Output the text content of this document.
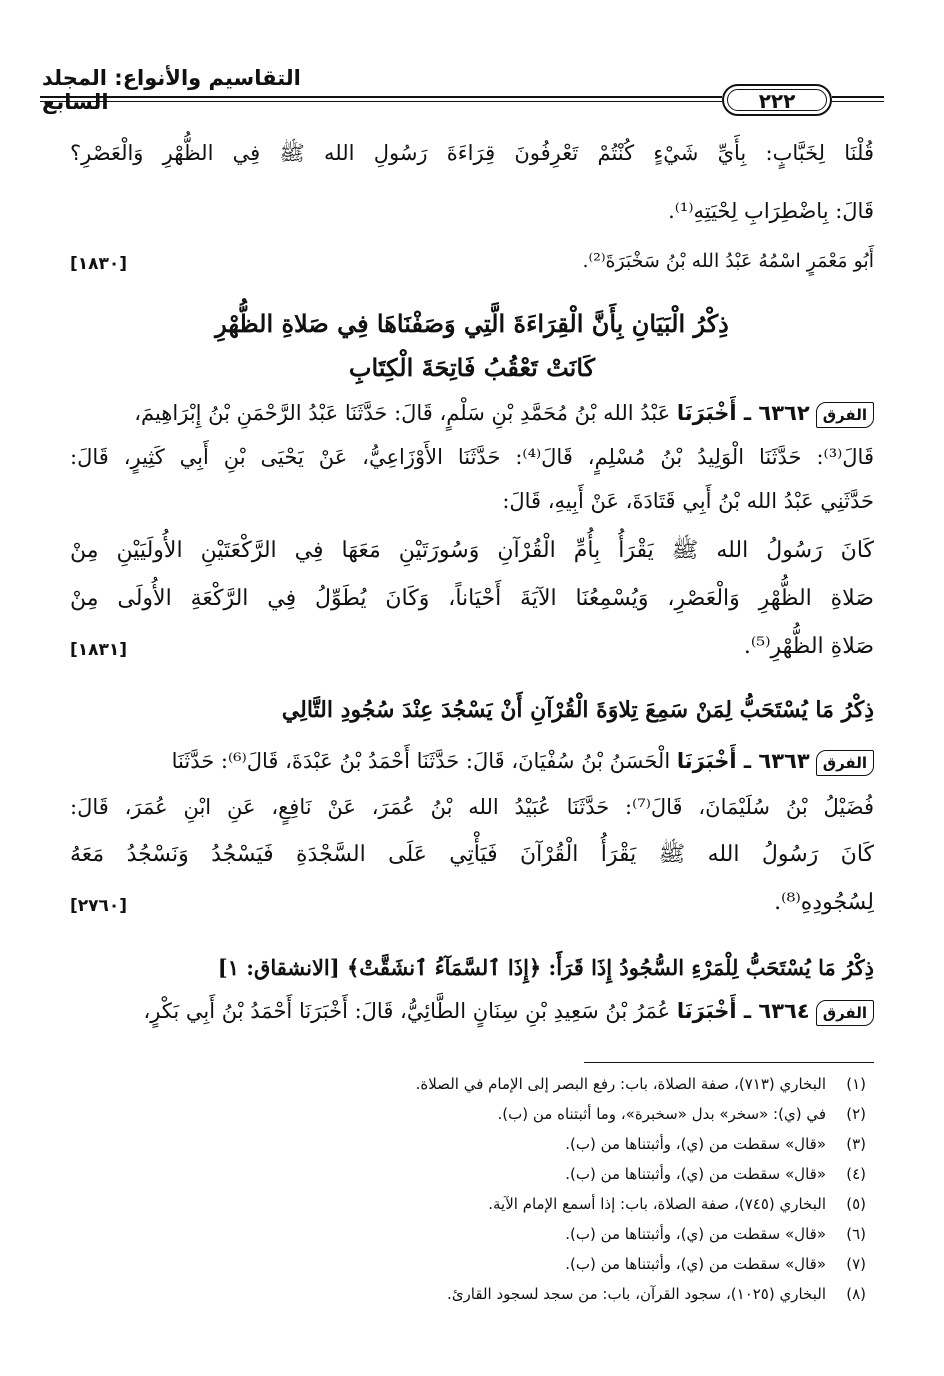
التقاسيم والأنواع: المجلد السابع	٢٢٢
قُلْنَا لِخَبَّابٍ: بِأَيِّ شَيْءٍ كُنْتُمْ تَعْرِفُونَ قِرَاءَةَ رَسُولِ الله ﷺ فِي الظُّهْرِ وَالْعَصْرِ؟
قَالَ: بِاضْطِرَابِ لِحْيَتِهِ⁽¹⁾.
أَبُو مَعْمَرٍ اسْمُهُ عَبْدُ الله بْنُ سَخْبَرَةَ⁽²⁾.
[١٨٣٠]
ذِكْرُ الْبَيَانِ بِأَنَّ الْقِرَاءَةَ الَّتِي وَصَفْنَاهَا فِي صَلاةِ الظُّهْرِ
كَانَتْ تَعْقُبُ فَاتِحَةَ الْكِتَابِ
الفرق٦٣٦٢ ـ أَخْبَرَنَا عَبْدُ الله بْنُ مُحَمَّدِ بْنِ سَلْمٍ، قَالَ: حَدَّثَنَا عَبْدُ الرَّحْمَنِ بْنُ إِبْرَاهِيمَ،
قَالَ⁽³⁾: حَدَّثَنَا الْوَلِيدُ بْنُ مُسْلِمٍ، قَالَ⁽⁴⁾: حَدَّثَنَا الأَوْزَاعِيُّ، عَنْ يَحْيَى بْنِ أَبِي كَثِيرٍ، قَالَ:
حَدَّثَنِي عَبْدُ الله بْنُ أَبِي قَتَادَةَ، عَنْ أَبِيهِ، قَالَ:
كَانَ رَسُولُ الله ﷺ يَقْرَأُ بِأُمِّ الْقُرْآنِ وَسُورَتَيْنِ مَعَهَا فِي الرَّكْعَتَيْنِ الأُولَيَيْنِ مِنْ
صَلاةِ الظُّهْرِ وَالْعَصْرِ، وَيُسْمِعُنَا الآيَةَ أَحْيَاناً، وَكَانَ يُطَوِّلُ فِي الرَّكْعَةِ الأُولَى مِنْ
صَلاةِ الظُّهْرِ⁽⁵⁾.
[١٨٣١]
ذِكْرُ مَا يُسْتَحَبُّ لِمَنْ سَمِعَ تِلاوَةَ الْقُرْآنِ أَنْ يَسْجُدَ عِنْدَ سُجُودِ التَّالِي
الفرق٦٣٦٣ ـ أَخْبَرَنَا الْحَسَنُ بْنُ سُفْيَانَ، قَالَ: حَدَّثَنَا أَحْمَدُ بْنُ عَبْدَةَ، قَالَ⁽⁶⁾: حَدَّثَنَا
فُضَيْلُ بْنُ سُلَيْمَانَ، قَالَ⁽⁷⁾: حَدَّثَنَا عُبَيْدُ الله بْنُ عُمَرَ، عَنْ نَافِعٍ، عَنِ ابْنِ عُمَرَ، قَالَ:
كَانَ رَسُولُ الله ﷺ يَقْرَأُ الْقُرْآنَ فَيَأْتِي عَلَى السَّجْدَةِ فَيَسْجُدُ وَنَسْجُدُ مَعَهُ
لِسُجُودِهِ⁽⁸⁾.
[٢٧٦٠]
ذِكْرُ مَا يُسْتَحَبُّ لِلْمَرْءِ السُّجُودُ إِذَا قَرَأَ: ﴿إِذَا ٱلسَّمَآءُ ٱنشَقَّتْ﴾ [الانشقاق: ١]
الفرق٦٣٦٤ ـ أَخْبَرَنَا عُمَرُ بْنُ سَعِيدِ بْنِ سِنَانٍ الطَّائِيُّ، قَالَ: أَخْبَرَنَا أَحْمَدُ بْنُ أَبِي بَكْرٍ،
(١)البخاري (٧١٣)، صفة الصلاة، باب: رفع البصر إلى الإمام في الصلاة.
(٢)في (ي): «سخر» بدل «سخبرة»، وما أثبتناه من (ب).
(٣)«قال» سقطت من (ي)، وأثبتناها من (ب).
(٤)«قال» سقطت من (ي)، وأثبتناها من (ب).
(٥)البخاري (٧٤٥)، صفة الصلاة، باب: إذا أسمع الإمام الآية.
(٦)«قال» سقطت من (ي)، وأثبتناها من (ب).
(٧)«قال» سقطت من (ي)، وأثبتناها من (ب).
(٨)البخاري (١٠٢٥)، سجود القرآن، باب: من سجد لسجود القارئ.
